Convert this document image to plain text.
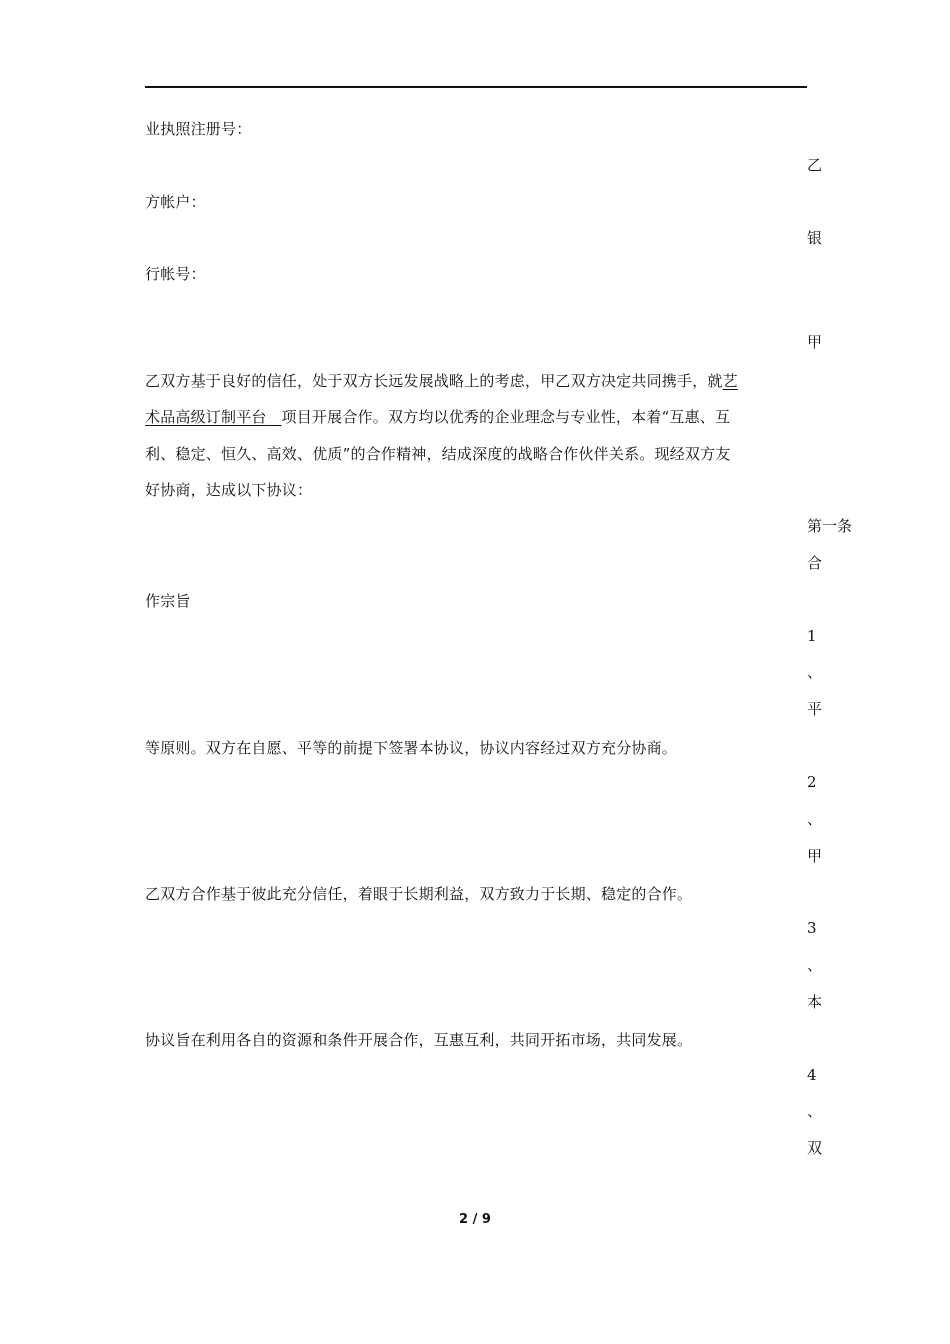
业执照注册号：
方帐户：
行帐号：
乙双方基于良好的信任，处于双方长远发展战略上的考虑，甲乙双方决定共同携手，就艺
术品高级订制平台 项目开展合作。双方均以优秀的企业理念与专业性，本着“互惠、互
利、稳定、恒久、高效、优质”的合作精神，结成深度的战略合作伙伴关系。现经双方友
好协商，达成以下协议：
作宗旨
等原则。双方在自愿、平等的前提下签署本协议，协议内容经过双方充分协商。
乙双方合作基于彼此充分信任，着眼于长期利益，双方致力于长期、稳定的合作。
协议旨在利用各自的资源和条件开展合作，互惠互利，共同开拓市场，共同发展。
乙
银
甲
第一条
合
1
、
平
2
、
甲
3
、
本
4
、
双
2 / 9
